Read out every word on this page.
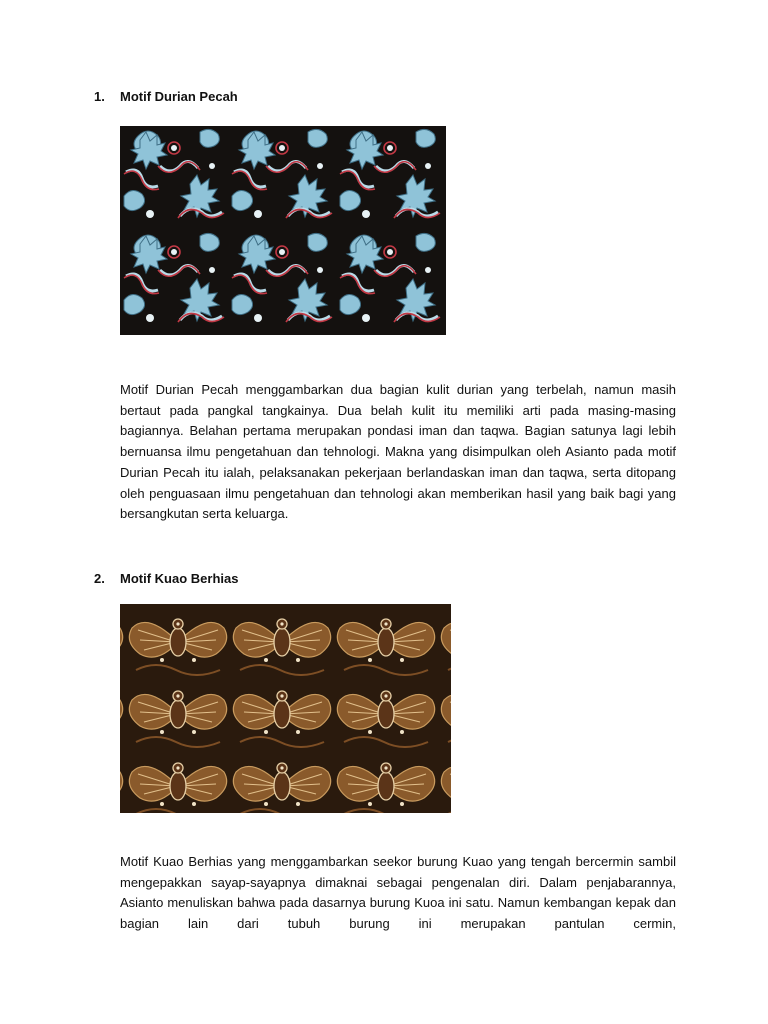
1.	Motif Durian Pecah
Motif Durian Pecah menggambarkan dua bagian kulit durian yang terbelah, namun masih bertaut pada pangkal tangkainya. Dua belah kulit itu memiliki arti pada masing-masing bagiannya. Belahan pertama merupakan pondasi iman dan taqwa. Bagian satunya lagi lebih bernuansa ilmu pengetahuan dan tehnologi. Makna yang disimpulkan oleh Asianto pada motif Durian Pecah itu ialah, pelaksanakan pekerjaan berlandaskan iman dan taqwa, serta ditopang oleh penguasaan ilmu pengetahuan dan tehnologi akan memberikan hasil yang baik bagi yang bersangkutan serta keluarga.
2.	Motif Kuao Berhias
Motif Kuao Berhias yang menggambarkan seekor burung Kuao yang tengah bercermin sambil mengepakkan sayap-sayapnya dimaknai sebagai pengenalan diri. Dalam penjabarannya, Asianto menuliskan bahwa pada dasarnya burung Kuoa ini satu. Namun kembangan kepak dan bagian lain dari tubuh burung ini merupakan pantulan cermin,
